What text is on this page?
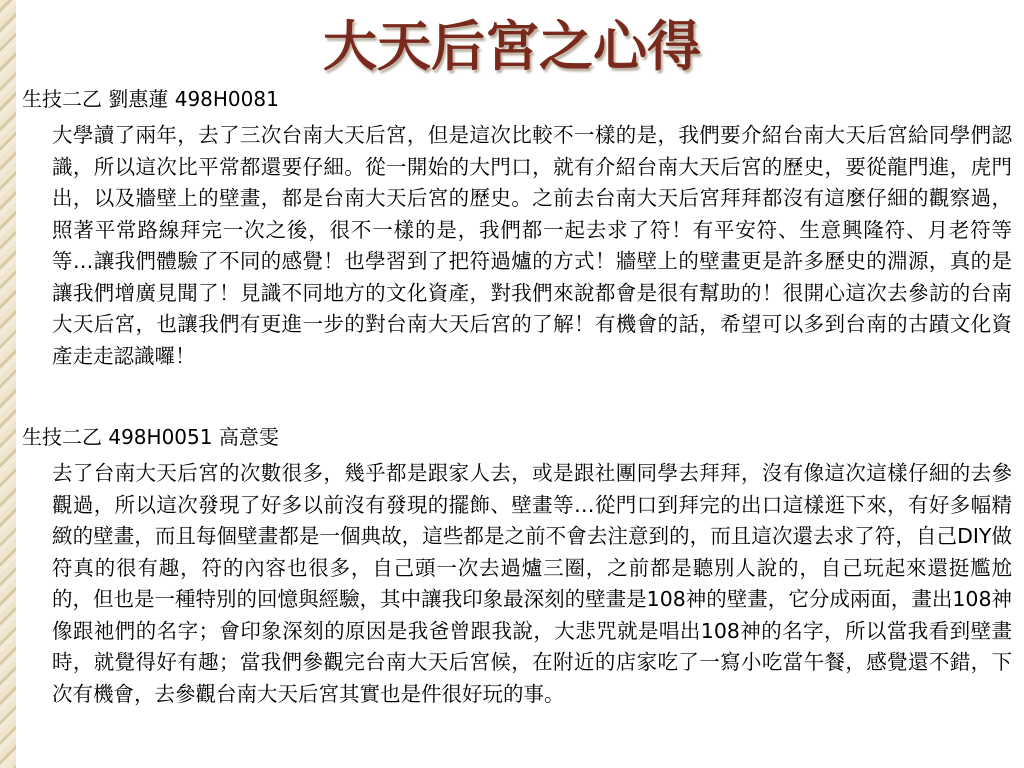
大天后宮之心得

生技二乙 劉惠蓮 498H0081

大學讀了兩年，去了三次台南大天后宮，但是這次比較不一樣的是，我們要介紹台南大天后宮給同學們認識，所以這次比平常都還要仔細。從一開始的大門口，就有介紹台南大天后宮的歷史，要從龍門進，虎門出，以及牆壁上的壁畫，都是台南大天后宮的歷史。之前去台南大天后宮拜拜都沒有這麼仔細的觀察過，照著平常路線拜完一次之後，很不一樣的是，我們都一起去求了符！有平安符、生意興隆符、月老符等等…讓我們體驗了不同的感覺！也學習到了把符過爐的方式！牆壁上的壁畫更是許多歷史的淵源，真的是讓我們增廣見聞了！見識不同地方的文化資產，對我們來說都會是很有幫助的！很開心這次去參訪的台南大天后宮，也讓我們有更進一步的對台南大天后宮的了解！有機會的話，希望可以多到台南的古蹟文化資產走走認識囉！

生技二乙 498H0051 高意雯

去了台南大天后宮的次數很多，幾乎都是跟家人去，或是跟社團同學去拜拜，沒有像這次這樣仔細的去參觀過，所以這次發現了好多以前沒有發現的擺飾、壁畫等…從門口到拜完的出口這樣逛下來，有好多幅精緻的壁畫，而且每個壁畫都是一個典故，這些都是之前不會去注意到的，而且這次還去求了符，自己DIY做符真的很有趣，符的內容也很多，自己頭一次去過爐三圈，之前都是聽別人說的，自己玩起來還挺尷尬的，但也是一種特別的回憶與經驗，其中讓我印象最深刻的壁畫是108神的壁畫，它分成兩面，畫出108神像跟祂們的名字；會印象深刻的原因是我爸曾跟我說，大悲咒就是唱出108神的名字，所以當我看到壁畫時，就覺得好有趣；當我們參觀完台南大天后宮候，在附近的店家吃了一寫小吃當午餐，感覺還不錯，下次有機會，去參觀台南大天后宮其實也是件很好玩的事。
